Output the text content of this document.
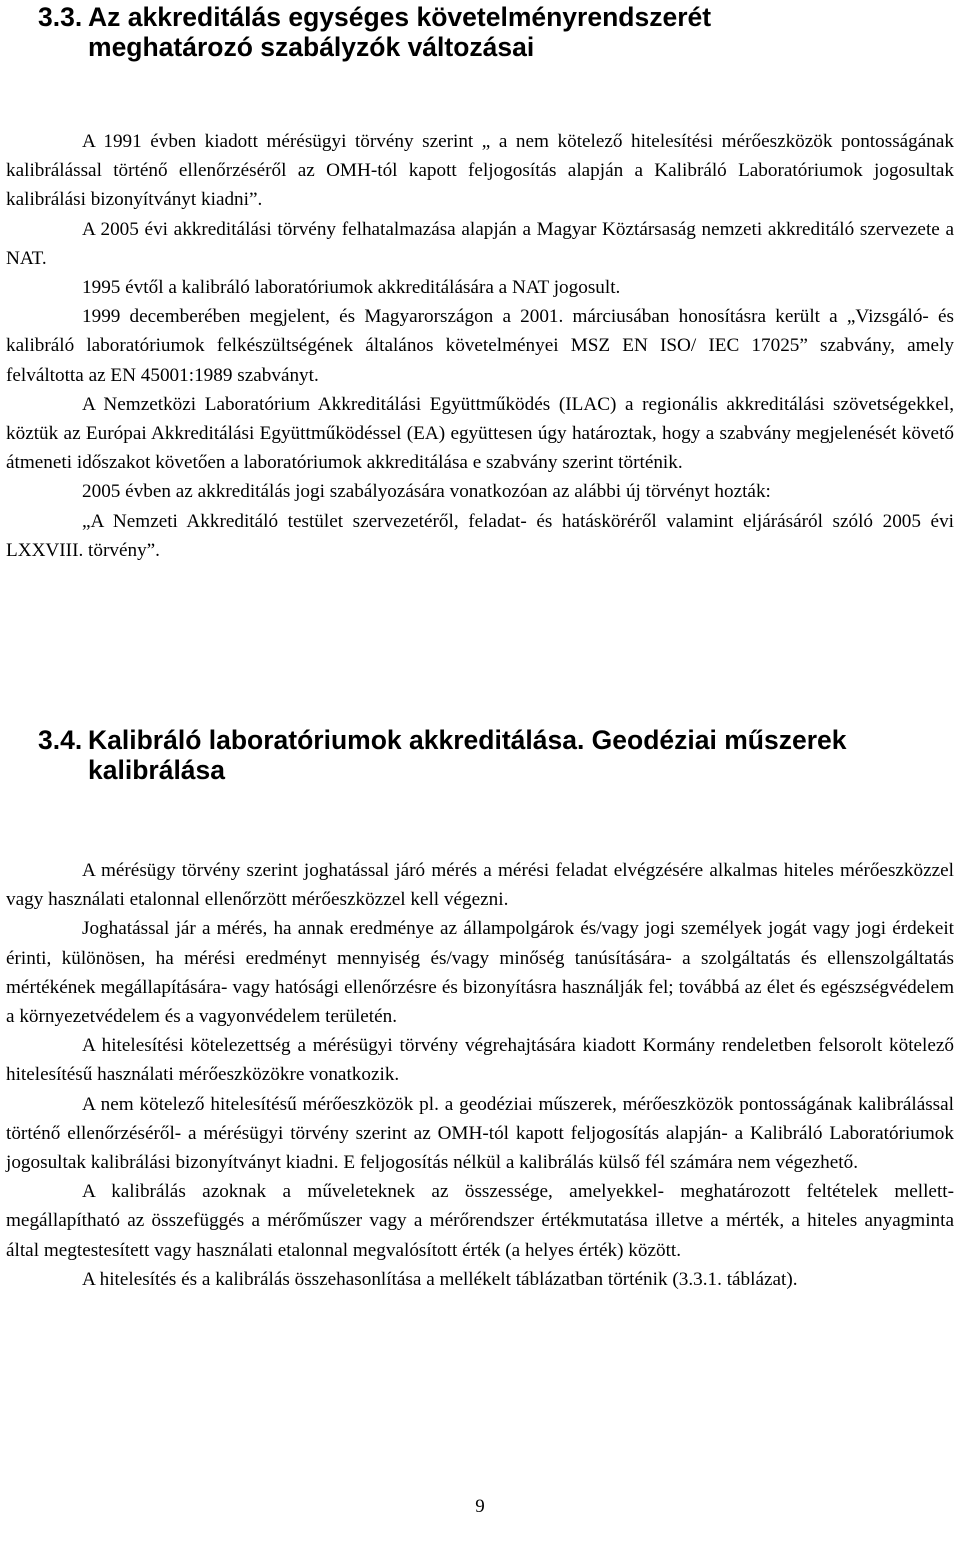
3.3. Az akkreditálás egységes követelményrendszerét
meghatározó szabályzók változásai

A 1991 évben kiadott mérésügyi törvény szerint „ a nem kötelező hitelesítési mérőeszközök pontosságának kalibrálással történő ellenőrzéséről az OMH-tól kapott feljogosítás alapján a Kalibráló Laboratóriumok jogosultak kalibrálási bizonyítványt kiadni”.

A 2005 évi akkreditálási törvény felhatalmazása alapján a Magyar Köztársaság nemzeti akkreditáló szervezete a NAT.

1995 évtől a kalibráló laboratóriumok akkreditálására a NAT jogosult.

1999 decemberében megjelent, és Magyarországon a 2001. márciusában honosításra került a „Vizsgáló- és kalibráló laboratóriumok felkészültségének általános követelményei MSZ EN ISO/ IEC 17025” szabvány, amely felváltotta az EN 45001:1989 szabványt.

A Nemzetközi Laboratórium Akkreditálási Együttműködés (ILAC) a regionális akkreditálási szövetségekkel, köztük az Európai Akkreditálási Együttműködéssel (EA) együttesen úgy határoztak, hogy a szabvány megjelenését követő átmeneti időszakot követően a laboratóriumok akkreditálása e szabvány szerint történik.

2005 évben az akkreditálás jogi szabályozására vonatkozóan az alábbi új törvényt hozták:

„A Nemzeti Akkreditáló testület szervezetéről, feladat- és hatásköréről valamint eljárásáról szóló 2005 évi LXXVIII. törvény”.

3.4. Kalibráló laboratóriumok akkreditálása. Geodéziai műszerek
kalibrálása

A mérésügy törvény szerint joghatással járó mérés a mérési feladat elvégzésére alkalmas hiteles mérőeszközzel vagy használati etalonnal ellenőrzött mérőeszközzel kell végezni.

Joghatással jár a mérés, ha annak eredménye az állampolgárok és/vagy jogi személyek jogát vagy jogi érdekeit érinti, különösen, ha mérési eredményt mennyiség és/vagy minőség tanúsítására- a szolgáltatás és ellenszolgáltatás mértékének megállapítására- vagy hatósági ellenőrzésre és bizonyításra használják fel; továbbá az élet és egészségvédelem a környezetvédelem és a vagyonvédelem területén.

A hitelesítési kötelezettség a mérésügyi törvény végrehajtására kiadott Kormány rendeletben felsorolt kötelező hitelesítésű használati mérőeszközökre vonatkozik.

A nem kötelező hitelesítésű mérőeszközök pl. a geodéziai műszerek, mérőeszközök pontosságának kalibrálással történő ellenőrzéséről- a mérésügyi törvény szerint az OMH-tól kapott feljogosítás alapján- a Kalibráló Laboratóriumok jogosultak kalibrálási bizonyítványt kiadni. E feljogosítás nélkül a kalibrálás külső fél számára nem végezhető.

A kalibrálás azoknak a műveleteknek az összessége, amelyekkel- meghatározott feltételek mellett- megállapítható az összefüggés a mérőműszer vagy a mérőrendszer értékmutatása illetve a mérték, a hiteles anyagminta által megtestesített vagy használati etalonnal megvalósított érték (a helyes érték) között.

A hitelesítés és a kalibrálás összehasonlítása a mellékelt táblázatban történik (3.3.1. táblázat).

9
